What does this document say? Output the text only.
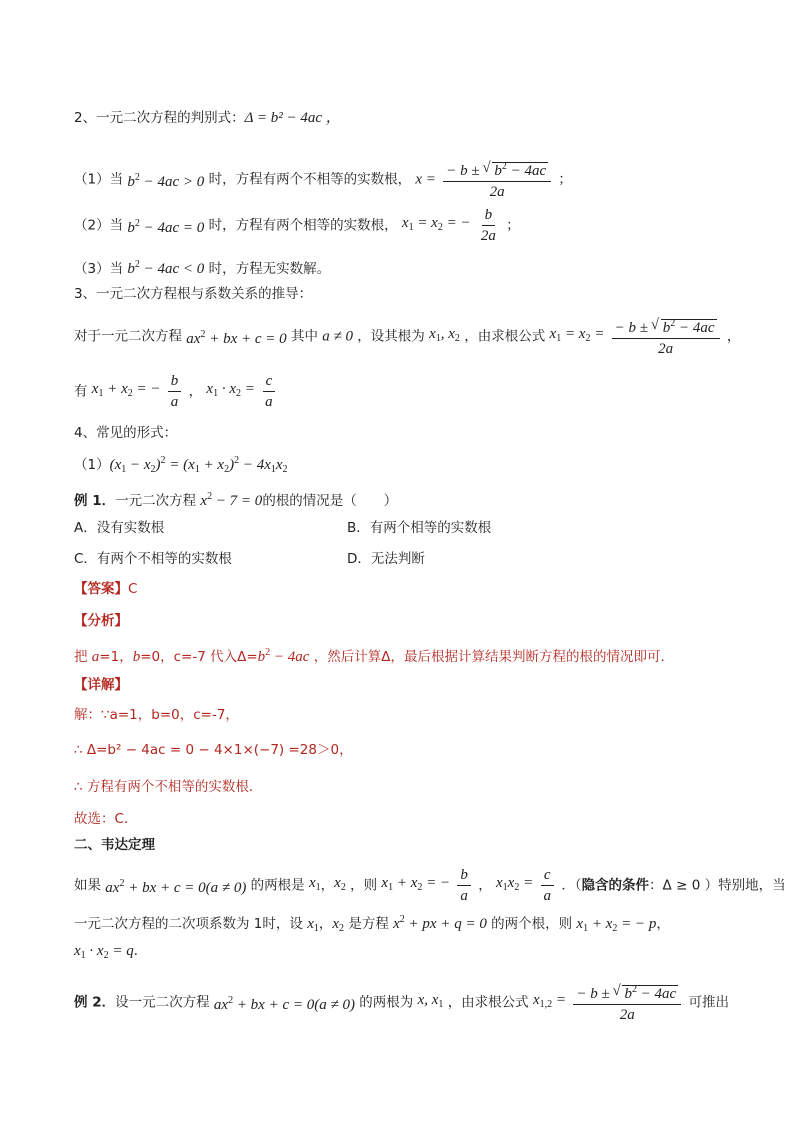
2、一元二次方程的判别式：Δ = b² − 4ac ，
（1）当 $b^2 - 4ac > 0$ 时，方程有两个不相等的实数根， $x = \frac{- b \pm √ b^2 - 4ac}{2a}$ ；
（2）当 $b^2 - 4ac = 0$ 时，方程有两个相等的实数根， $x_1 = x_2$ = − $\frac{b}{2a}$ ；
（3）当 $b^2 - 4ac < 0$ 时，方程无实数解。
3、一元二次方程根与系数关系的推导：
对于一元二次方程 $ax^2$ + bx + c = 0 其中 a ≠ 0 ，设其根为 $x_1$, $x_2$ ，由求根公式 $x_1 = x_2 = \frac{- b \pm √ b^2 - 4ac}{2a}$ ，
有 $x_1 + x_2$ = − $\frac{b}{a}$ ， $x_1 \cdot x_2 = \frac{c}{a}$
4、常见的形式：
$(1)(x_1 - x_2)^2 = (x_1 + x_2)^2 - 4x_1x_2$
例 1．一元二次方程 $x^2 - 7 = 0$的根的情况是（　　）
A．没有实数根	B．有两个相等的实数根
C．有两个不相等的实数根	D．无法判断
【答案】C
【分析】
把 a=1，b=0，c=-7 代入$\Delta=b^2 - 4ac$ ，然后计算Δ，最后根据计算结果判断方程的根的情况即可．
【详解】
解：∵a=1，b=0，c=-7，
∴ Δ=b² − 4ac = 0 − 4×1×(−7) =28＞0，
∴ 方程有两个不相等的实数根．
故选：C．
二、韦达定理
如果 $ax^2$ + bx + c = 0(a ≠ 0) 的两根是 $x_1$，$x_2$ ，则 $x_1 + x_2$ = − $\frac{b}{a}$ ， $x_1x_2 = \frac{c}{a}$ ．（隐含的条件：Δ ≥ 0 ）特别地，当
一元二次方程的二次项系数为 1时，设 $x_1$，$x_2$ 是方程 $x^2$ + px + q = 0 的两个根，则 $x_1 + x_2$ = − p，
$x_1 \cdot x_2 = q$．
例 2．设一元二次方程 $ax^2$ + bx + c = 0(a ≠ 0) 的两根为 x, $x_1$ ，由求根公式 $x_{1,2} = \frac{- b \pm √ b^2 - 4ac}{2a}$ 可推出
